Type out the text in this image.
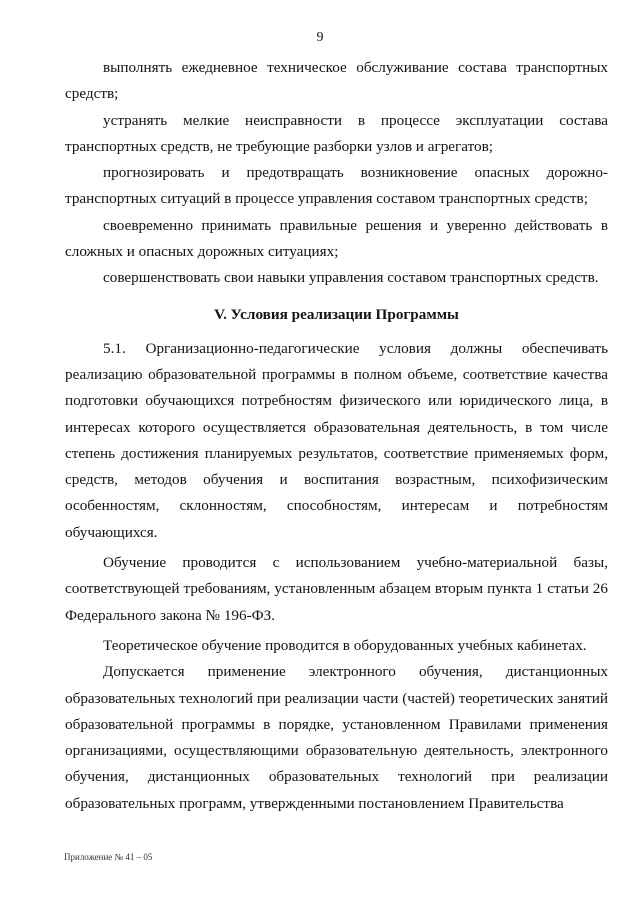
9

выполнять ежедневное техническое обслуживание состава транспортных средств;

устранять мелкие неисправности в процессе эксплуатации состава транспортных средств, не требующие разборки узлов и агрегатов;

прогнозировать и предотвращать возникновение опасных дорожно-транспортных ситуаций в процессе управления составом транспортных средств;

своевременно принимать правильные решения и уверенно действовать в сложных и опасных дорожных ситуациях;

совершенствовать свои навыки управления составом транспортных средств.

V. Условия реализации Программы

5.1. Организационно-педагогические условия должны обеспечивать реализацию образовательной программы в полном объеме, соответствие качества подготовки обучающихся потребностям физического или юридического лица, в интересах которого осуществляется образовательная деятельность, в том числе степень достижения планируемых результатов, соответствие применяемых форм, средств, методов обучения и воспитания возрастным, психофизическим особенностям, склонностям, способностям, интересам и потребностям обучающихся.

Обучение проводится с использованием учебно-материальной базы, соответствующей требованиям, установленным абзацем вторым пункта 1 статьи 26 Федерального закона № 196-ФЗ.

Теоретическое обучение проводится в оборудованных учебных кабинетах.

Допускается применение электронного обучения, дистанционных образовательных технологий при реализации части (частей) теоретических занятий образовательной программы в порядке, установленном Правилами применения организациями, осуществляющими образовательную деятельность, электронного обучения, дистанционных образовательных технологий при реализации образовательных программ, утвержденными постановлением Правительства

Приложение № 41 – 05
